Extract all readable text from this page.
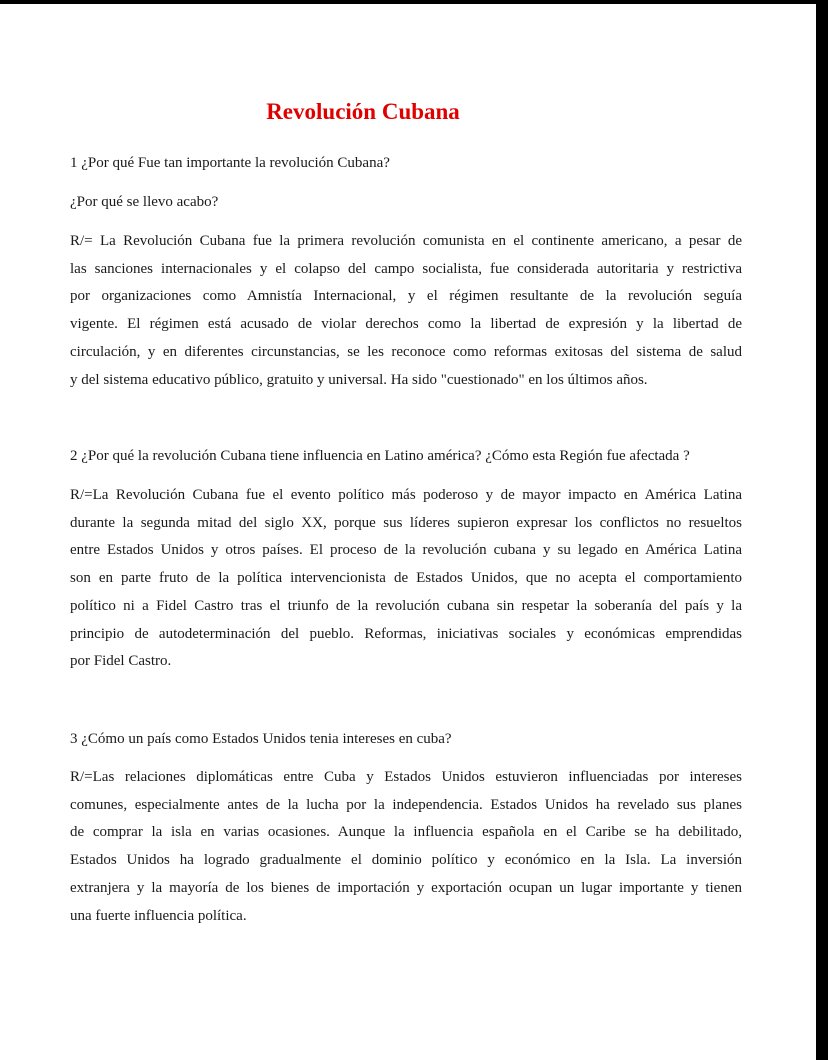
Revolución Cubana

1 ¿Por qué Fue tan importante la revolución Cubana?

¿Por qué se llevo acabo?

R/= La Revolución Cubana fue la primera revolución comunista en el continente americano, a pesar de
las sanciones internacionales y el colapso del campo socialista, fue considerada autoritaria y restrictiva
por organizaciones como Amnistía Internacional, y el régimen resultante de la revolución seguía
vigente. El régimen está acusado de violar derechos como la libertad de expresión y la libertad de
circulación, y en diferentes circunstancias, se les reconoce como reformas exitosas del sistema de salud
y del sistema educativo público, gratuito y universal. Ha sido "cuestionado" en los últimos años.

2 ¿Por qué la revolución Cubana tiene influencia en Latino américa? ¿Cómo esta Región fue afectada ?

R/=La Revolución Cubana fue el evento político más poderoso y de mayor impacto en América Latina
durante la segunda mitad del siglo XX, porque sus líderes supieron expresar los conflictos no resueltos
entre Estados Unidos y otros países. El proceso de la revolución cubana y su legado en América Latina
son en parte fruto de la política intervencionista de Estados Unidos, que no acepta el comportamiento
político ni a Fidel Castro tras el triunfo de la revolución cubana sin respetar la soberanía del país y la
principio de autodeterminación del pueblo. Reformas, iniciativas sociales y económicas emprendidas
por Fidel Castro.

3 ¿Cómo un país como Estados Unidos tenia intereses en cuba?

R/=Las relaciones diplomáticas entre Cuba y Estados Unidos estuvieron influenciadas por intereses
comunes, especialmente antes de la lucha por la independencia. Estados Unidos ha revelado sus planes
de comprar la isla en varias ocasiones. Aunque la influencia española en el Caribe se ha debilitado,
Estados Unidos ha logrado gradualmente el dominio político y económico en la Isla. La inversión
extranjera y la mayoría de los bienes de importación y exportación ocupan un lugar importante y tienen
una fuerte influencia política.
